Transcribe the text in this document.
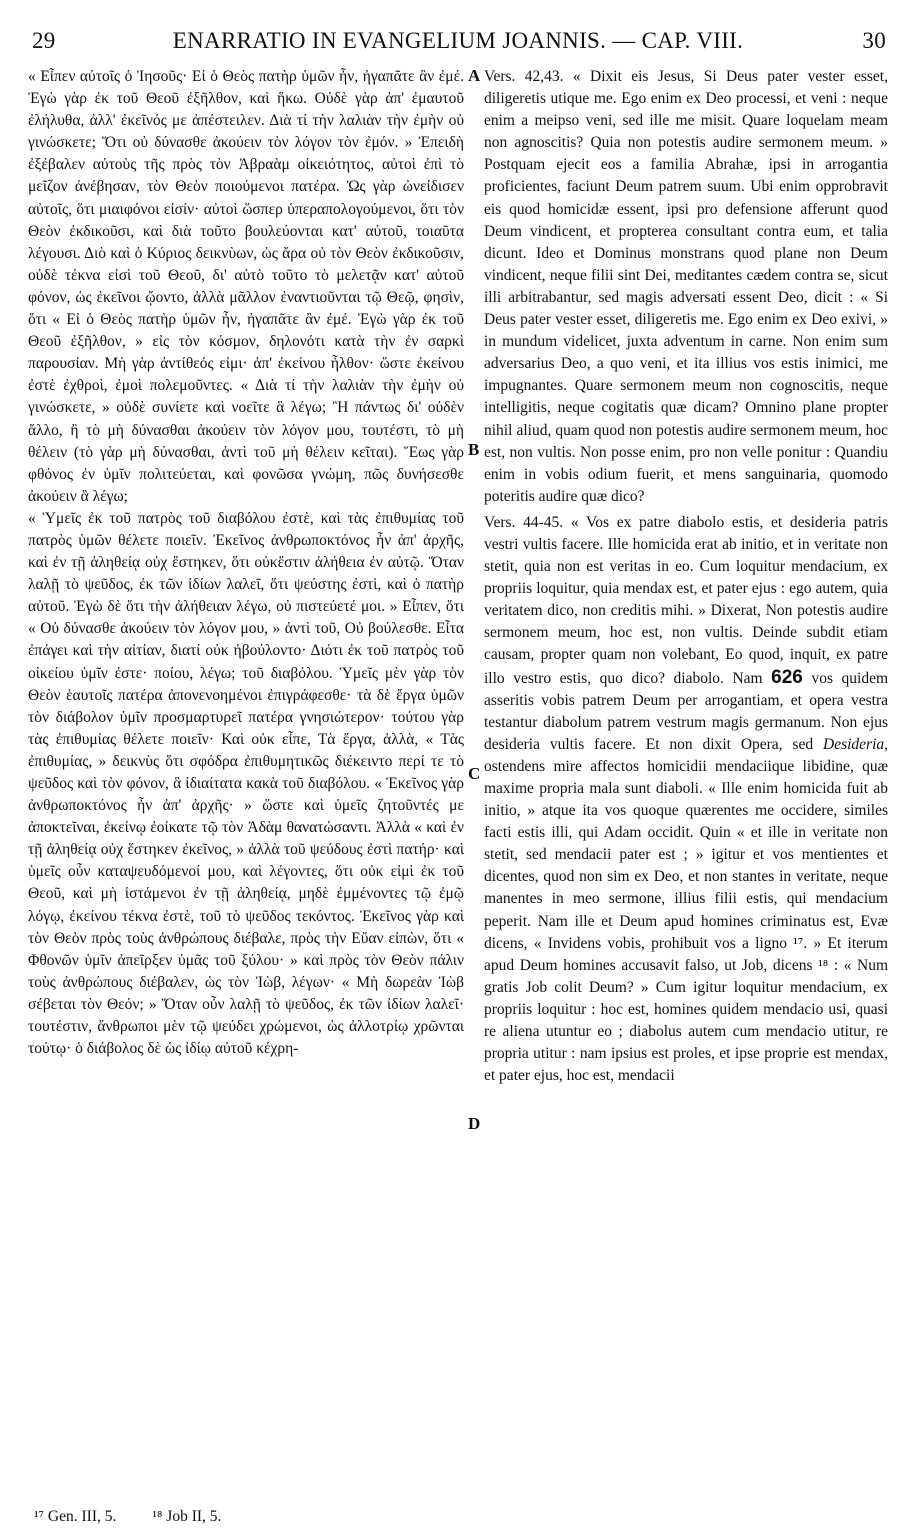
29	ENARRATIO IN EVANGELIUM JOANNIS. — CAP. VIII.	30

« Εἶπεν αὐτοῖς ὁ Ἰησοῦς· Εἰ ὁ Θεὸς πατὴρ ὑμῶν ἦν, ἠγαπᾶτε ἂν ἐμέ. Ἐγὼ γὰρ ἐκ τοῦ Θεοῦ ἐξῆλθον, καὶ ἥκω. Οὐδὲ γὰρ ἀπ' ἐμαυτοῦ ἐλήλυθα, ἀλλ' ἐκεῖνός με ἀπέστειλεν. Διὰ τί τὴν λαλιὰν τὴν ἐμὴν οὐ γινώσκετε; Ὅτι οὐ δύνασθε ἀκούειν τὸν λόγον τὸν ἐμόν. » Ἐπειδὴ ἐξέβαλεν αὐτοὺς τῆς πρὸς τὸν Ἀβραὰμ οἰκειότητος, αὐτοὶ ἐπὶ τὸ μεῖζον ἀνέβησαν, τὸν Θεὸν ποιούμενοι πατέρα. Ὡς γὰρ ὠνείδισεν αὐτοῖς, ὅτι μιαιφόνοι εἰσίν· αὐτοὶ ὥσπερ ὑπεραπολογούμενοι, ὅτι τὸν Θεὸν ἐκδικοῦσι, καὶ διὰ τοῦτο βουλεύονται κατ' αὐτοῦ, τοιαῦτα λέγουσι. Διὸ καὶ ὁ Κύριος δεικνὺων, ὡς ἄρα οὐ τὸν Θεὸν ἐκδικοῦσιν, οὐδὲ τέκνα εἰσὶ τοῦ Θεοῦ, δι' αὐτὸ τοῦτο τὸ μελετᾷν κατ' αὐτοῦ φόνον, ὡς ἐκεῖνοι ᾤοντο, ἀλλὰ μᾶλλον ἐναντιοῦνται τῷ Θεῷ, φησὶν, ὅτι « Εἰ ὁ Θεὸς πατὴρ ὑμῶν ἦν, ἠγαπᾶτε ἂν ἐμέ. Ἐγὼ γὰρ ἐκ τοῦ Θεοῦ ἐξῆλθον, » εἰς τὸν κόσμον, δηλονότι κατὰ τὴν ἐν σαρκὶ παρουσίαν. Μὴ γὰρ ἀντίθεός εἰμι· ἀπ' ἐκείνου ἦλθον· ὥστε ἐκείνου ἐστὲ ἐχθροὶ, ἐμοὶ πολεμοῦντες. « Διὰ τί τὴν λαλιὰν τὴν ἐμὴν οὐ γινώσκετε, » οὐδὲ συνίετε καὶ νοεῖτε ἃ λέγω; Ἢ πάντως δι' οὐδὲν ἄλλο, ἢ τὸ μὴ δύνασθαι ἀκούειν τὸν λόγον μου, τουτέστι, τὸ μὴ θέλειν (τὸ γὰρ μὴ δύνασθαι, ἀντὶ τοῦ μὴ θέλειν κεῖται). Ἕως γὰρ φθόνος ἐν ὑμῖν πολιτεύεται, καὶ φονῶσα γνώμη, πῶς δυνήσεσθε ἀκούειν ἃ λέγω;

« Ὑμεῖς ἐκ τοῦ πατρὸς τοῦ διαβόλου ἐστὲ, καὶ τὰς ἐπιθυμίας τοῦ πατρὸς ὑμῶν θέλετε ποιεῖν. Ἐκεῖνος ἀνθρωποκτόνος ἦν ἀπ' ἀρχῆς, καὶ ἐν τῇ ἀληθείᾳ οὐχ ἕστηκεν, ὅτι οὐκἔστιν ἀλήθεια ἐν αὐτῷ. Ὅταν λαλῇ τὸ ψεῦδος, ἐκ τῶν ἰδίων λαλεῖ, ὅτι ψεύστης ἐστὶ, καὶ ὁ πατὴρ αὐτοῦ. Ἐγὼ δὲ ὅτι τὴν ἀλήθειαν λέγω, οὐ πιστεύετέ μοι. » Εἶπεν, ὅτι « Οὐ δύνασθε ἀκούειν τὸν λόγον μου, » ἀντὶ τοῦ, Οὐ βούλεσθε. Εἶτα ἐπάγει καὶ τὴν αἰτίαν, διατί οὐκ ἠβούλοντο· Διότι ἐκ τοῦ πατρὸς τοῦ οἰκείου ὑμῖν ἐστε· ποίου, λέγω; τοῦ διαβόλου. Ὑμεῖς μὲν γὰρ τὸν Θεὸν ἑαυτοῖς πατέρα ἀπονενοημένοι ἐπιγράφεσθε· τὰ δὲ ἔργα ὑμῶν τὸν διάβολον ὑμῖν προσμαρτυρεῖ πατέρα γνησιώτερον· τούτου γὰρ τὰς ἐπιθυμίας θέλετε ποιεῖν· Καὶ οὐκ εἶπε, Τὰ ἔργα, ἀλλὰ, « Τὰς ἐπιθυμίας, » δεικνὺς ὅτι σφόδρα ἐπιθυμητικῶς διέκειντο περί τε τὸ ψεῦδος καὶ τὸν φόνον, ἃ ἰδιαίτατα κακὰ τοῦ διαβόλου. « Ἐκεῖνος γὰρ ἀνθρωποκτόνος ἦν ἀπ' ἀρχῆς· » ὥστε καὶ ὑμεῖς ζητοῦντές με ἀποκτεῖναι, ἐκείνῳ ἐοίκατε τῷ τὸν Ἀδὰμ θανατώσαντι. Ἀλλὰ « καὶ ἐν τῇ ἀληθείᾳ οὐχ ἕστηκεν ἐκεῖνος, » ἀλλὰ τοῦ ψεύδους ἐστὶ πατήρ· καὶ ὑμεῖς οὖν καταψευδόμενοί μου, καὶ λέγοντες, ὅτι οὐκ εἰμὶ ἐκ τοῦ Θεοῦ, καὶ μὴ ἱστάμενοι ἐν τῇ ἀληθείᾳ, μηδὲ ἐμμένοντες τῷ ἐμῷ λόγῳ, ἐκείνου τέκνα ἐστὲ, τοῦ τὸ ψεῦδος τεκόντος. Ἐκεῖνος γὰρ καὶ τὸν Θεὸν πρὸς τοὺς ἀνθρώπους διέβαλε, πρὸς τὴν Εὔαν εἰπὼν, ὅτι « Φθονῶν ὑμῖν ἀπεῖρξεν ὑμᾶς τοῦ ξύλου· » καὶ πρὸς τὸν Θεὸν πάλιν τοὺς ἀνθρώπους διέβαλεν, ὡς τὸν Ἰὼβ, λέγων· « Μὴ δωρεὰν Ἰὼβ σέβεται τὸν Θεόν; » Ὅταν οὖν λαλῇ τὸ ψεῦδος, ἐκ τῶν ἰδίων λαλεῖ· τουτέστιν, ἄνθρωποι μὲν τῷ ψεύδει χρώμενοι, ὡς ἀλλοτρίῳ χρῶνται τούτῳ· ὁ διάβολος δὲ ὡς ἰδίῳ αὐτοῦ κέχρη-

A
B
C
D

Vers. 42,43. « Dixit eis Jesus, Si Deus pater vester esset, diligeretis utique me. Ego enim ex Deo processi, et veni : neque enim a meipso veni, sed ille me misit. Quare loquelam meam non agnoscitis? Quia non potestis audire sermonem meum. » Postquam ejecit eos a familia Abrahæ, ipsi in arrogantia proficientes, faciunt Deum patrem suum. Ubi enim opprobravit eis quod homicidæ essent, ipsi pro defensione afferunt quod Deum vindicent, et propterea consultant contra eum, et talia dicunt. Ideo et Dominus monstrans quod plane non Deum vindicent, neque filii sint Dei, meditantes cædem contra se, sicut illi arbitrabantur, sed magis adversati essent Deo, dicit : « Si Deus pater vester esset, diligeretis me. Ego enim ex Deo exivi, » in mundum videlicet, juxta adventum in carne. Non enim sum adversarius Deo, a quo veni, et ita illius vos estis inimici, me impugnantes. Quare sermonem meum non cognoscitis, neque intelligitis, neque cogitatis quæ dicam? Omnino plane propter nihil aliud, quam quod non potestis audire sermonem meum, hoc est, non vultis. Non posse enim, pro non velle ponitur : Quandiu enim in vobis odium fuerit, et mens sanguinaria, quomodo poteritis audire quæ dico?

Vers. 44-45. « Vos ex patre diabolo estis, et desideria patris vestri vultis facere. Ille homicida erat ab initio, et in veritate non stetit, quia non est veritas in eo. Cum loquitur mendacium, ex propriis loquitur, quia mendax est, et pater ejus : ego autem, quia veritatem dico, non creditis mihi. » Dixerat, Non potestis audire sermonem meum, hoc est, non vultis. Deinde subdit etiam causam, propter quam non volebant, Eo quod, inquit, ex patre illo vestro estis, quo dico? diabolo. Nam 626 vos quidem asseritis vobis patrem Deum per arrogantiam, et opera vestra testantur diabolum patrem vestrum magis germanum. Non ejus desideria vultis facere. Et non dixit Opera, sed Desideria, ostendens mire affectos homicidii mendaciique libidine, quæ maxime propria mala sunt diaboli. « Ille enim homicida fuit ab initio, » atque ita vos quoque quærentes me occidere, similes facti estis illi, qui Adam occidit. Quin « et ille in veritate non stetit, sed mendacii pater est ; » igitur et vos mentientes et dicentes, quod non sim ex Deo, et non stantes in veritate, neque manentes in meo sermone, illius filii estis, qui mendacium peperit. Nam ille et Deum apud homines criminatus est, Evæ dicens, « Invidens vobis, prohibuit vos a ligno ¹⁷. » Et iterum apud Deum homines accusavit falso, ut Job, dicens ¹⁸ : « Num gratis Job colit Deum? » Cum igitur loquitur mendacium, ex propriis loquitur : hoc est, homines quidem mendacio usi, quasi re aliena utuntur eo ; diabolus autem cum mendacio utitur, re propria utitur : nam ipsius est proles, et ipse proprie est mendax, et pater ejus, hoc est, mendacii

¹⁷ Gen. III, 5. ¹⁸ Job II, 5.
